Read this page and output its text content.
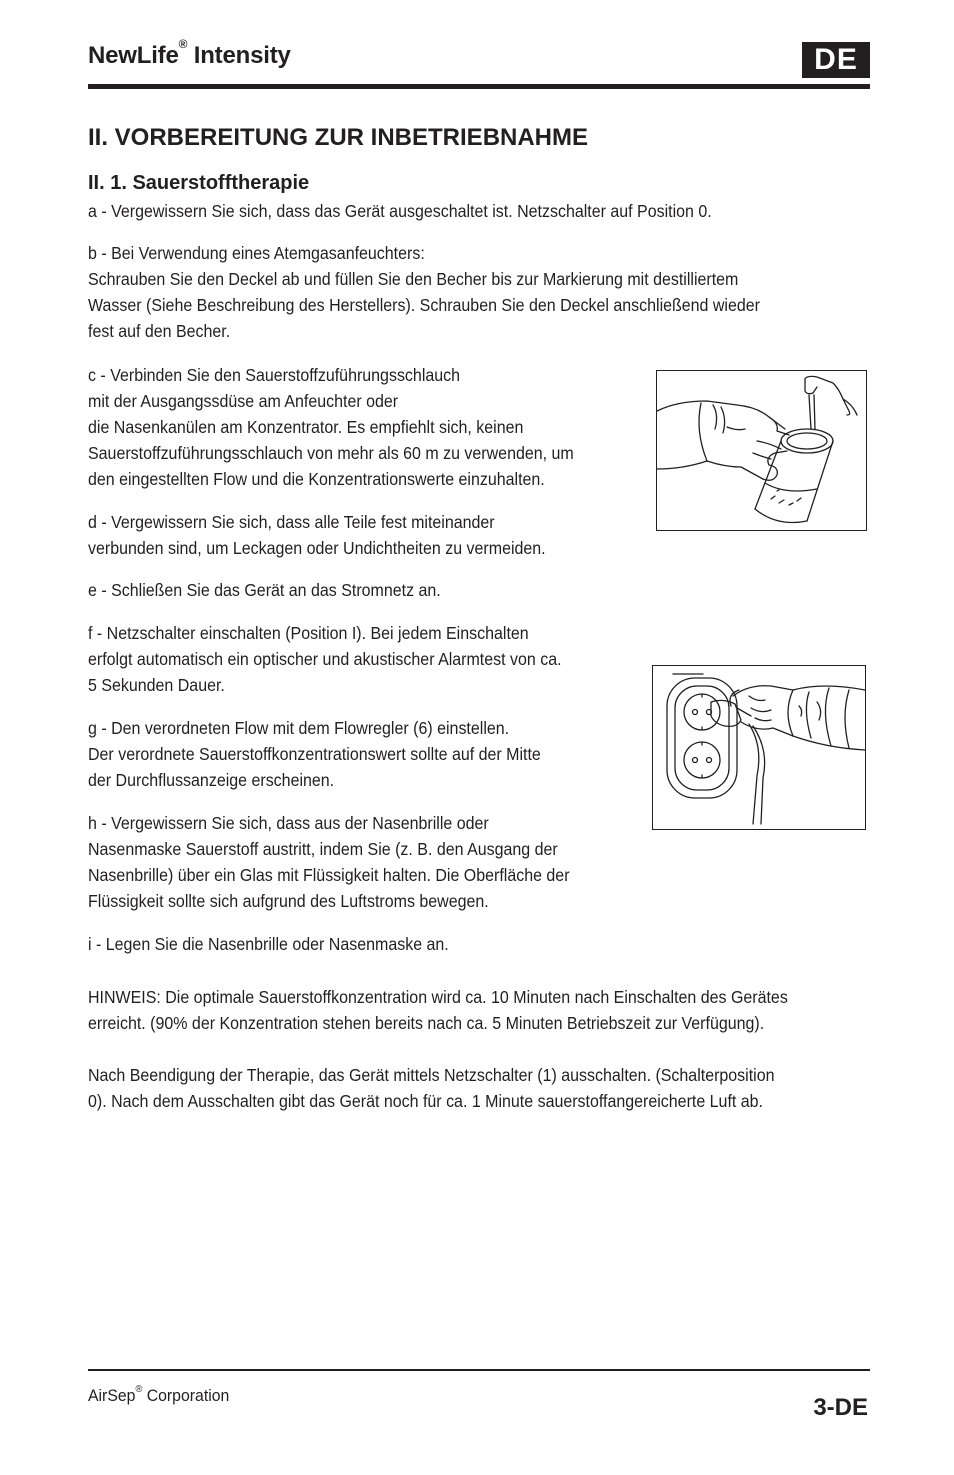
NewLife® Intensity	DE
II. VORBEREITUNG ZUR INBETRIEBNAHME
II. 1. Sauerstofftherapie
a - Vergewissern Sie sich, dass das Gerät ausgeschaltet ist. Netzschalter auf Position 0.
b - Bei Verwendung eines Atemgasanfeuchters:
Schrauben Sie den Deckel ab und füllen Sie den Becher bis zur Markierung mit destilliertem
Wasser (Siehe Beschreibung des Herstellers). Schrauben Sie den Deckel anschließend wieder
fest auf den Becher.
c - Verbinden Sie den Sauerstoffzuführungsschlauch
mit der Ausgangssdüse am Anfeuchter oder
die Nasenkanülen am Konzentrator. Es empfiehlt sich, keinen
Sauerstoffzuführungsschlauch von mehr als 60 m zu verwenden, um
den eingestellten Flow und die Konzentrationswerte einzuhalten.
d - Vergewissern Sie sich, dass alle Teile fest miteinander
verbunden sind, um Leckagen oder Undichtheiten zu vermeiden.
e - Schließen Sie das Gerät an das Stromnetz an.
f - Netzschalter einschalten (Position I). Bei jedem Einschalten
erfolgt automatisch ein optischer und akustischer Alarmtest von ca.
5 Sekunden Dauer.
g - Den verordneten Flow mit dem Flowregler (6) einstellen.
Der verordnete Sauerstoffkonzentrationswert sollte auf der Mitte
der Durchflussanzeige erscheinen.
h - Vergewissern Sie sich, dass aus der Nasenbrille oder
Nasenmaske Sauerstoff austritt, indem Sie (z. B. den Ausgang der
Nasenbrille) über ein Glas mit Flüssigkeit halten. Die Oberfläche der
Flüssigkeit sollte sich aufgrund des Luftstroms bewegen.
i - Legen Sie die Nasenbrille oder Nasenmaske an.
HINWEIS: Die optimale Sauerstoffkonzentration wird ca. 10 Minuten nach Einschalten des Gerätes
erreicht. (90% der Konzentration stehen bereits nach ca. 5 Minuten Betriebszeit zur Verfügung).
Nach Beendigung der Therapie, das Gerät mittels Netzschalter (1) ausschalten. (Schalterposition
0). Nach dem Ausschalten gibt das Gerät noch für ca. 1 Minute sauerstoffangereicherte Luft ab.
AirSep® Corporation	3-DE
